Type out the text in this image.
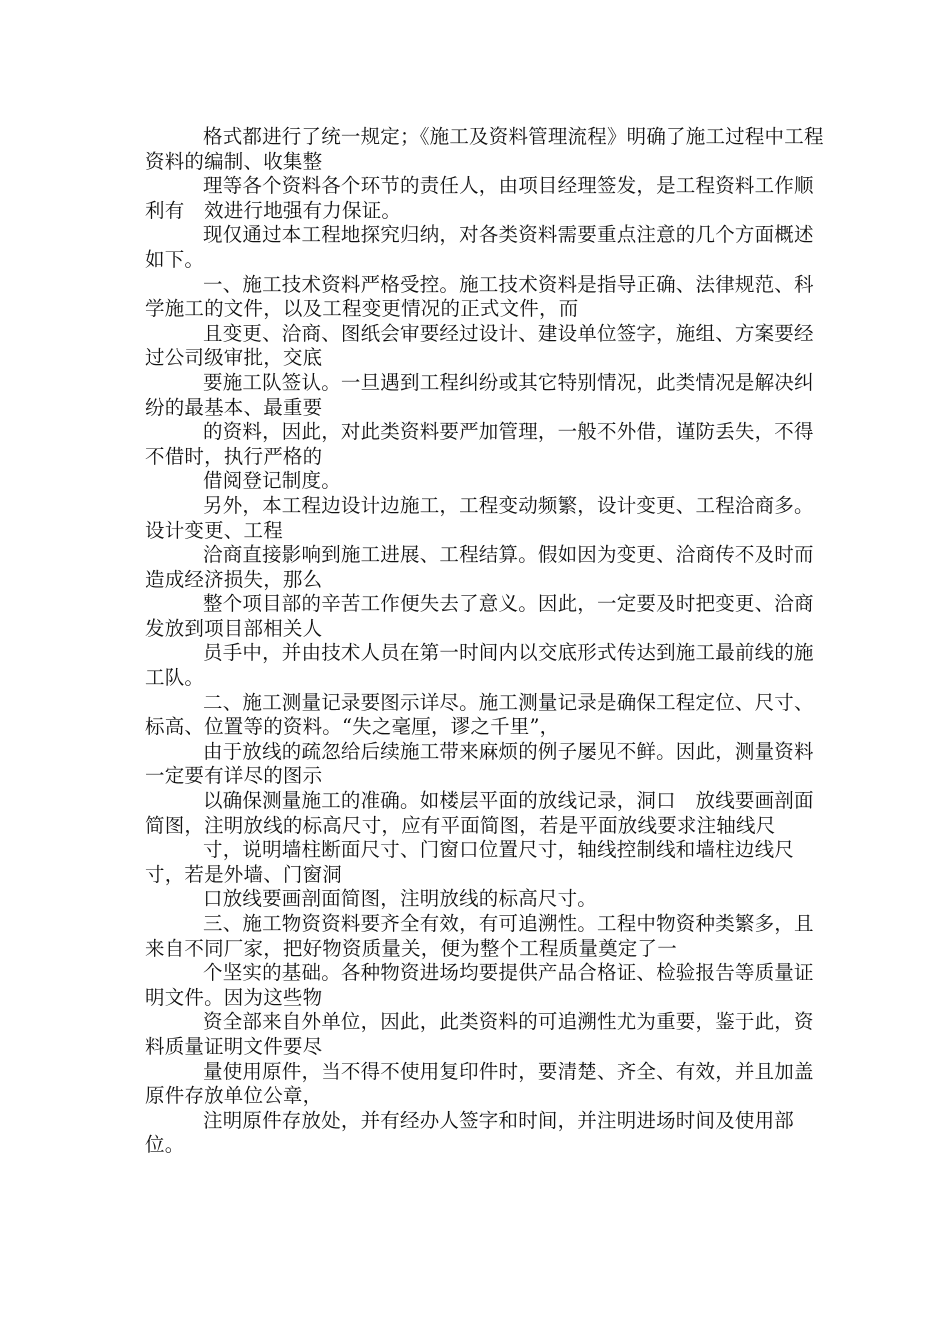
格式都进行了统一规定；《施工及资料管理流程》明确了施工过程中工程资料的编制、收集整

理等各个资料各个环节的责任人，由项目经理签发，是工程资料工作顺利有　效进行地强有力保证。

现仅通过本工程地探究归纳，对各类资料需要重点注意的几个方面概述如下。

一、施工技术资料严格受控。施工技术资料是指导正确、法律规范、科学施工的文件，以及工程变更情况的正式文件，而

且变更、洽商、图纸会审要经过设计、建设单位签字，施组、方案要经过公司级审批，交底

要施工队签认。一旦遇到工程纠纷或其它特别情况，此类情况是解决纠纷的最基本、最重要

的资料，因此，对此类资料要严加管理，一般不外借，谨防丢失，不得不借时，执行严格的

借阅登记制度。

另外，本工程边设计边施工，工程变动频繁，设计变更、工程洽商多。设计变更、工程

洽商直接影响到施工进展、工程结算。假如因为变更、洽商传不及时而造成经济损失，那么

整个项目部的辛苦工作便失去了意义。因此，一定要及时把变更、洽商发放到项目部相关人

员手中，并由技术人员在第一时间内以交底形式传达到施工最前线的施工队。

二、施工测量记录要图示详尽。施工测量记录是确保工程定位、尺寸、标高、位置等的资料。“失之毫厘，谬之千里”，

由于放线的疏忽给后续施工带来麻烦的例子屡见不鲜。因此，测量资料一定要有详尽的图示

以确保测量施工的准确。如楼层平面的放线记录，洞口　放线要画剖面简图，注明放线的标高尺寸，应有平面简图，若是平面放线要求注轴线尺

寸，说明墙柱断面尺寸、门窗口位置尺寸，轴线控制线和墙柱边线尺寸，若是外墙、门窗洞

口放线要画剖面简图，注明放线的标高尺寸。

三、施工物资资料要齐全有效，有可追溯性。工程中物资种类繁多，且来自不同厂家，把好物资质量关，便为整个工程质量奠定了一

个坚实的基础。各种物资进场均要提供产品合格证、检验报告等质量证明文件。因为这些物

资全部来自外单位，因此，此类资料的可追溯性尤为重要，鉴于此，资料质量证明文件要尽

量使用原件，当不得不使用复印件时，要清楚、齐全、有效，并且加盖原件存放单位公章，

注明原件存放处，并有经办人签字和时间，并注明进场时间及使用部位。
